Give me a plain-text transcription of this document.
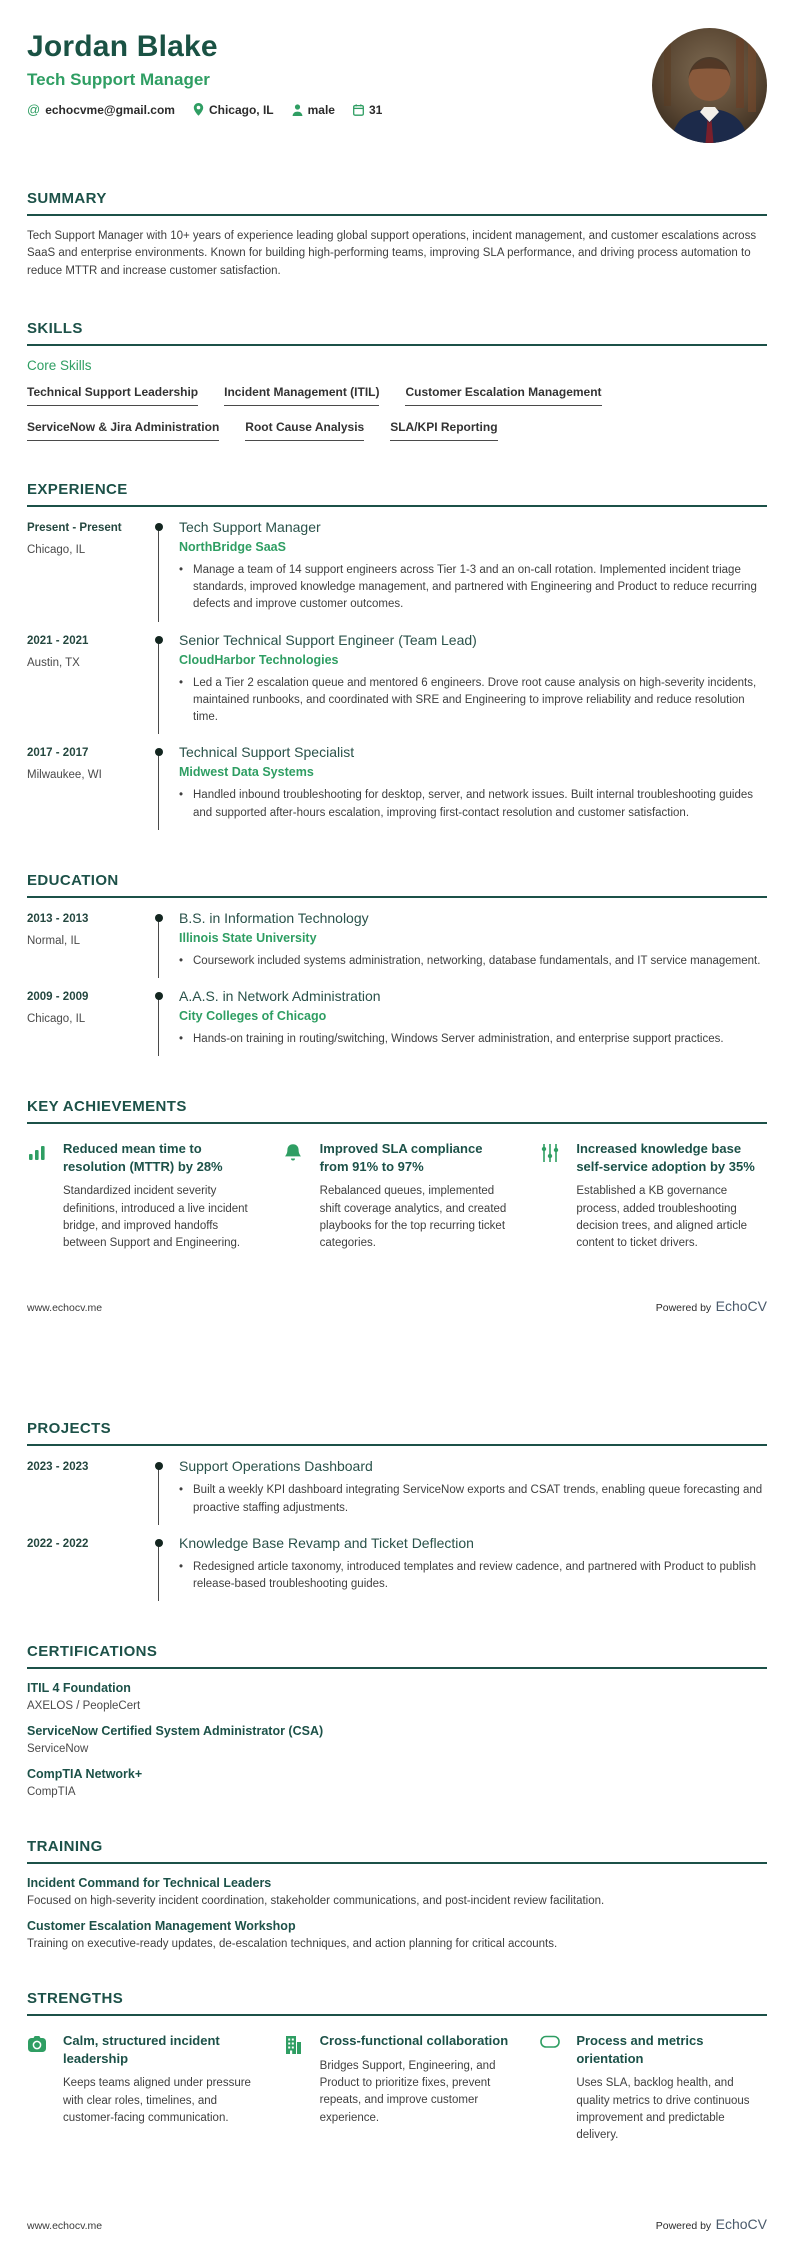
Jordan Blake
Tech Support Manager
@ echocvme@gmail.com	Chicago, IL	male	31
SUMMARY

Tech Support Manager with 10+ years of experience leading global support operations, incident management, and customer escalations across SaaS and enterprise environments. Known for building high-performing teams, improving SLA performance, and driving process automation to reduce MTTR and increase customer satisfaction.

SKILLS
Core Skills
Technical Support Leadership Incident Management (ITIL) Customer Escalation Management
ServiceNow & Jira Administration Root Cause Analysis SLA/KPI Reporting
EXPERIENCE
Present - Present
Chicago, IL
Tech Support Manager
NorthBridge SaaS
• Manage a team of 14 support engineers across Tier 1-3 and an on-call rotation. Implemented incident triage standards, improved knowledge management, and partnered with Engineering and Product to reduce recurring defects and improve customer outcomes.
2021 - 2021
Austin, TX
Senior Technical Support Engineer (Team Lead)
CloudHarbor Technologies
• Led a Tier 2 escalation queue and mentored 6 engineers. Drove root cause analysis on high-severity incidents, maintained runbooks, and coordinated with SRE and Engineering to improve reliability and reduce resolution time.
2017 - 2017
Milwaukee, WI
Technical Support Specialist
Midwest Data Systems
• Handled inbound troubleshooting for desktop, server, and network issues. Built internal troubleshooting guides and supported after-hours escalation, improving first-contact resolution and customer satisfaction.
EDUCATION
2013 - 2013
Normal, IL
B.S. in Information Technology
Illinois State University
• Coursework included systems administration, networking, database fundamentals, and IT service management.
2009 - 2009
Chicago, IL
A.A.S. in Network Administration
City Colleges of Chicago
• Hands-on training in routing/switching, Windows Server administration, and enterprise support practices.
KEY ACHIEVEMENTS
Reduced mean time to resolution (MTTR) by 28%
Standardized incident severity definitions, introduced a live incident bridge, and improved handoffs between Support and Engineering.
Improved SLA compliance from 91% to 97%
Rebalanced queues, implemented shift coverage analytics, and created playbooks for the top recurring ticket categories.
Increased knowledge base self-service adoption by 35%
Established a KB governance process, added troubleshooting decision trees, and aligned article content to ticket drivers.
www.echocv.me	Powered by EchoCV
PROJECTS
2023 - 2023	Support Operations Dashboard
• Built a weekly KPI dashboard integrating ServiceNow exports and CSAT trends, enabling queue forecasting and proactive staffing adjustments.
2022 - 2022	Knowledge Base Revamp and Ticket Deflection
• Redesigned article taxonomy, introduced templates and review cadence, and partnered with Product to publish release-based troubleshooting guides.
CERTIFICATIONS
ITIL 4 Foundation
AXELOS / PeopleCert
ServiceNow Certified System Administrator (CSA)
ServiceNow
CompTIA Network+
CompTIA
TRAINING
Incident Command for Technical Leaders
Focused on high-severity incident coordination, stakeholder communications, and post-incident review facilitation.
Customer Escalation Management Workshop
Training on executive-ready updates, de-escalation techniques, and action planning for critical accounts.
STRENGTHS
Calm, structured incident leadership
Keeps teams aligned under pressure with clear roles, timelines, and customer-facing communication.
Cross-functional collaboration
Bridges Support, Engineering, and Product to prioritize fixes, prevent repeats, and improve customer experience.
Process and metrics orientation
Uses SLA, backlog health, and quality metrics to drive continuous improvement and predictable delivery.
www.echocv.me	Powered by EchoCV
